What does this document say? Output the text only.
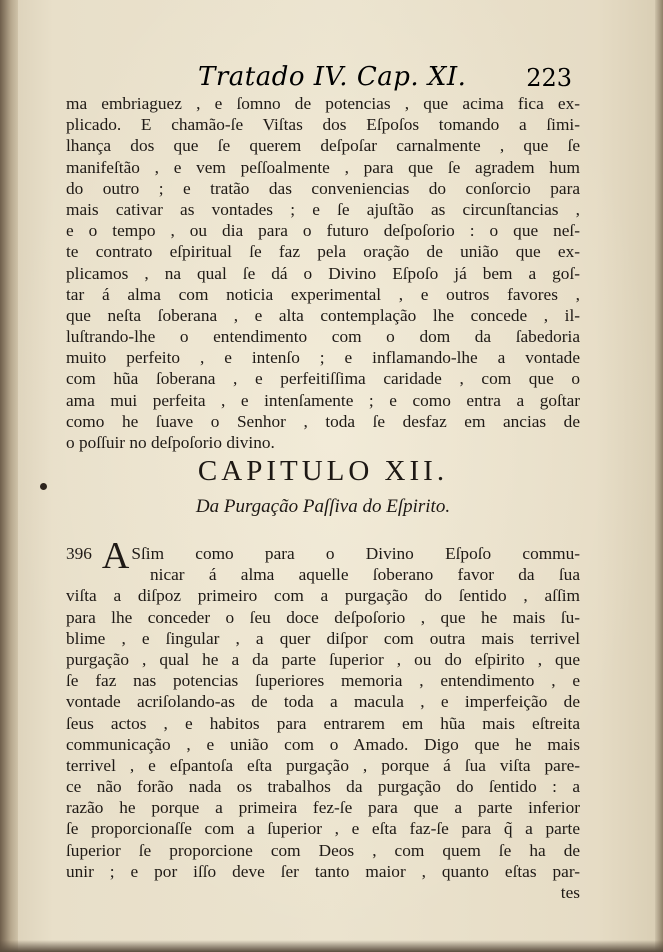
Tratado IV. Cap. XI. 223
ma embriaguez , e ſomno de potencias , que acima fica ex-
plicado. E chamão-ſe Viſtas dos Eſpoſos tomando a ſimi-
lhança dos que ſe querem deſpoſar carnalmente , que ſe
manifeſtão , e vem peſſoalmente , para que ſe agradem hum
do outro ; e tratão das conveniencias do conſorcio para
mais cativar as vontades ; e ſe ajuſtão as circunſtancias ,
e o tempo , ou dia para o futuro deſpoſorio : o que neſ-
te contrato eſpiritual ſe faz pela oração de união que ex-
plicamos , na qual ſe dá o Divino Eſpoſo já bem a goſ-
tar á alma com noticia experimental , e outros favores ,
que neſta ſoberana , e alta contemplação lhe concede , il-
luſtrando-lhe o entendimento com o dom da ſabedoria
muito perfeito , e intenſo ; e inflamando-lhe a vontade
com hũa ſoberana , e perfeitiſſima caridade , com que o
ama mui perfeita , e intenſamente ; e como entra a goſtar
como he ſuave o Senhor , toda ſe desfaz em ancias de
o poſſuir no deſpoſorio divino.
CAPITULO XII.
Da Purgação Paſſiva do Eſpirito.
396 A Sſim como para o Divino Eſpoſo commu-
nicar á alma aquelle ſoberano favor da ſua
viſta a diſpoz primeiro com a purgação do ſentido , aſſim
para lhe conceder o ſeu doce deſpoſorio , que he mais ſu-
blime , e ſingular , a quer diſpor com outra mais terrivel
purgação , qual he a da parte ſuperior , ou do eſpirito , que
ſe faz nas potencias ſuperiores memoria , entendimento , e
vontade acriſolando-as de toda a macula , e imperfeição de
ſeus actos , e habitos para entrarem em hũa mais eſtreita
communicação , e união com o Amado. Digo que he mais
terrivel , e eſpantoſa eſta purgação , porque á ſua viſta pare-
ce não forão nada os trabalhos da purgação do ſentido : a
razão he porque a primeira fez-ſe para que a parte inferior
ſe proporcionaſſe com a ſuperior , e eſta faz-ſe para q̃ a parte
ſuperior ſe proporcione com Deos , com quem ſe ha de
unir ; e por iſſo deve ſer tanto maior , quanto eſtas par-
tes
